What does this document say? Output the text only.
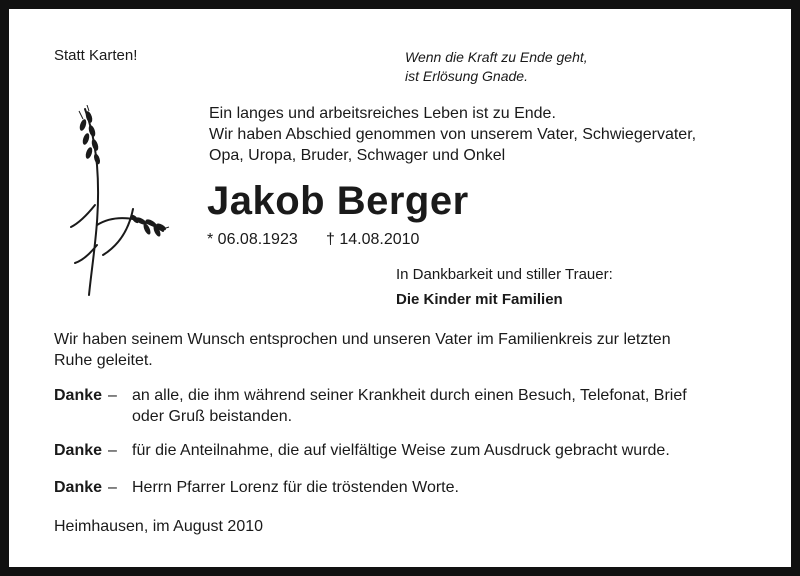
Statt Karten!	Wenn die Kraft zu Ende geht,
ist Erlösung Gnade.
Ein langes und arbeitsreiches Leben ist zu Ende.
Wir haben Abschied genommen von unserem Vater, Schwiegervater,
Opa, Uropa, Bruder, Schwager und Onkel
Jakob Berger
* 06.08.1923 † 14.08.2010
In Dankbarkeit und stiller Trauer:
Die Kinder mit Familien
Wir haben seinem Wunsch entsprochen und unseren Vater im Familienkreis zur letzten
Ruhe geleitet.
Danke – an alle, die ihm während seiner Krankheit durch einen Besuch, Telefonat, Brief
oder Gruß beistanden.
Danke – für die Anteilnahme, die auf vielfältige Weise zum Ausdruck gebracht wurde.
Danke – Herrn Pfarrer Lorenz für die tröstenden Worte.
Heimhausen, im August 2010
